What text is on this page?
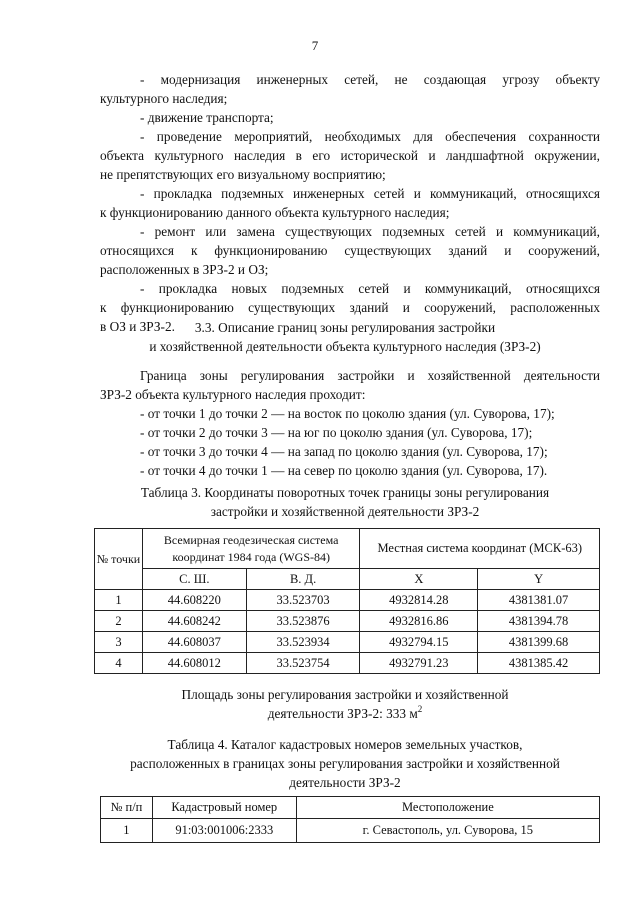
7

- модернизация инженерных сетей, не создающая угрозу объекту

культурного наследия;

- движение транспорта;

- проведение мероприятий, необходимых для обеспечения сохранности

объекта культурного наследия в его исторической и ландшафтной окружении,

не препятствующих его визуальному восприятию;

- прокладка подземных инженерных сетей и коммуникаций, относящихся

к функционированию данного объекта культурного наследия;

- ремонт или замена существующих подземных сетей и коммуникаций,

относящихся к функционированию существующих зданий и сооружений,

расположенных в ЗРЗ-2 и ОЗ;

- прокладка новых подземных сетей и коммуникаций, относящихся

к функционированию существующих зданий и сооружений, расположенных

в ОЗ и ЗРЗ-2.	3.3. Описание границ зоны регулирования застройки

и хозяйственной деятельности объекта культурного наследия (ЗРЗ-2)

Граница зоны регулирования застройки и хозяйственной деятельности

ЗРЗ-2 объекта культурного наследия проходит:

- от точки 1 до точки 2 — на восток по цоколю здания (ул. Суворова, 17);

- от точки 2 до точки 3 — на юг по цоколю здания (ул. Суворова, 17);

- от точки 3 до точки 4 — на запад по цоколю здания (ул. Суворова, 17);

- от точки 4 до точки 1 — на север по цоколю здания (ул. Суворова, 17).

Таблица 3. Координаты поворотных точек границы зоны регулирования

застройки и хозяйственной деятельности ЗРЗ-2

№ точки	Всемирная геодезическая система координат 1984 года (WGS-84)		Местная система координат (МСК-63)	
	С. Ш.	В. Д.	X	Y
1	44.608220	33.523703	4932814.28	4381381.07
2	44.608242	33.523876	4932816.86	4381394.78
3	44.608037	33.523934	4932794.15	4381399.68
4	44.608012	33.523754	4932791.23	4381385.42

Площадь зоны регулирования застройки и хозяйственной

деятельности ЗРЗ-2: 333 $м^2$

Таблица 4. Каталог кадастровых номеров земельных участков,

расположенных в границах зоны регулирования застройки и хозяйственной

деятельности ЗРЗ-2

№ п/п	Кадастровый номер	Местоположение
1	91:03:001006:2333	г. Севастополь, ул. Суворова, 15
